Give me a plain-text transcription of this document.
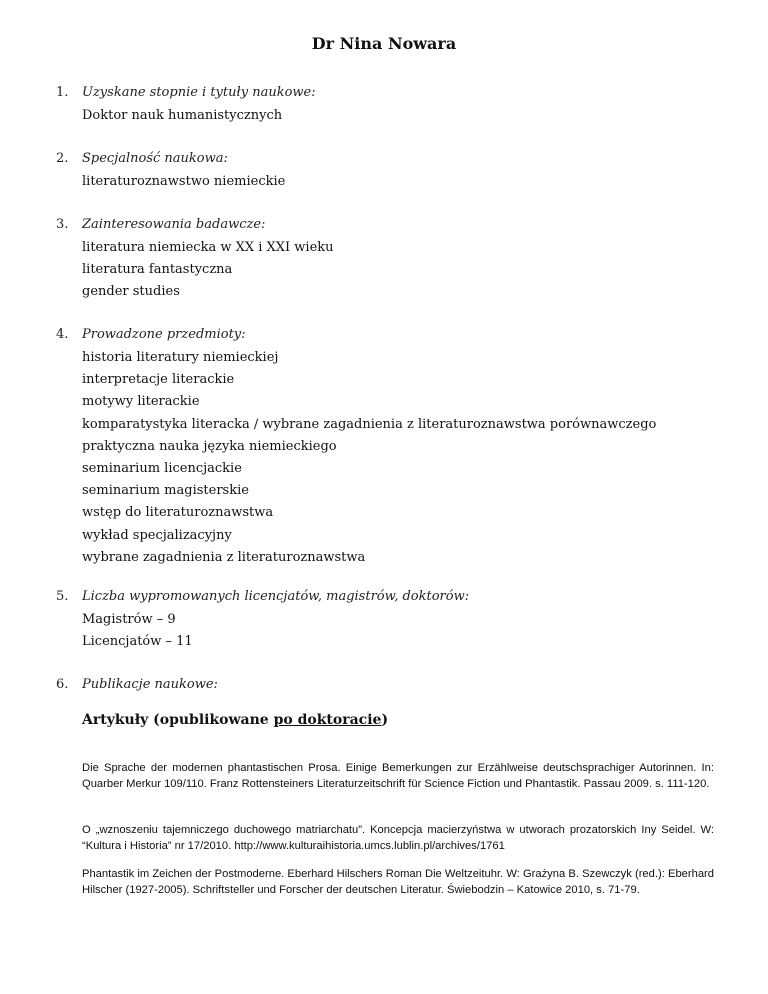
Dr Nina Nowara
1.	Uzyskane stopnie i tytuły naukowe:
Doktor nauk humanistycznych
2.	Specjalność naukowa:
literaturoznawstwo niemieckie
3.	Zainteresowania badawcze:
literatura niemiecka w XX i XXI wieku
literatura fantastyczna
gender studies
4.	Prowadzone przedmioty:
historia literatury niemieckiej
interpretacje literackie
motywy literackie
komparatystyka literacka / wybrane zagadnienia z literaturoznawstwa porównawczego
praktyczna nauka języka niemieckiego
seminarium licencjackie
seminarium magisterskie
wstęp do literaturoznawstwa
wykład specjalizacyjny
wybrane zagadnienia z literaturoznawstwa
5.	Liczba wypromowanych licencjatów, magistrów, doktorów:
Magistrów – 9
Licencjatów – 11
6.	Publikacje naukowe:
Artykuły (opublikowane po doktoracie)
Die Sprache der modernen phantastischen Prosa. Einige Bemerkungen zur Erzählweise deutschsprachiger Autorinnen. In: Quarber Merkur 109/110. Franz Rottensteiners Literaturzeitschrift für Science Fiction und Phantastik. Passau 2009. s. 111-120.
O „wznoszeniu tajemniczego duchowego matriarchatu”. Koncepcja macierzyństwa w utworach prozatorskich Iny Seidel. W: “Kultura i Historia” nr 17/2010. http://www.kulturaihistoria.umcs.lublin.pl/archives/1761
Phantastik im Zeichen der Postmoderne. Eberhard Hilschers Roman Die Weltzeituhr. W: Grażyna B. Szewczyk (red.): Eberhard Hilscher (1927-2005). Schriftsteller und Forscher der deutschen Literatur. Świebodzin – Katowice 2010, s. 71-79.
